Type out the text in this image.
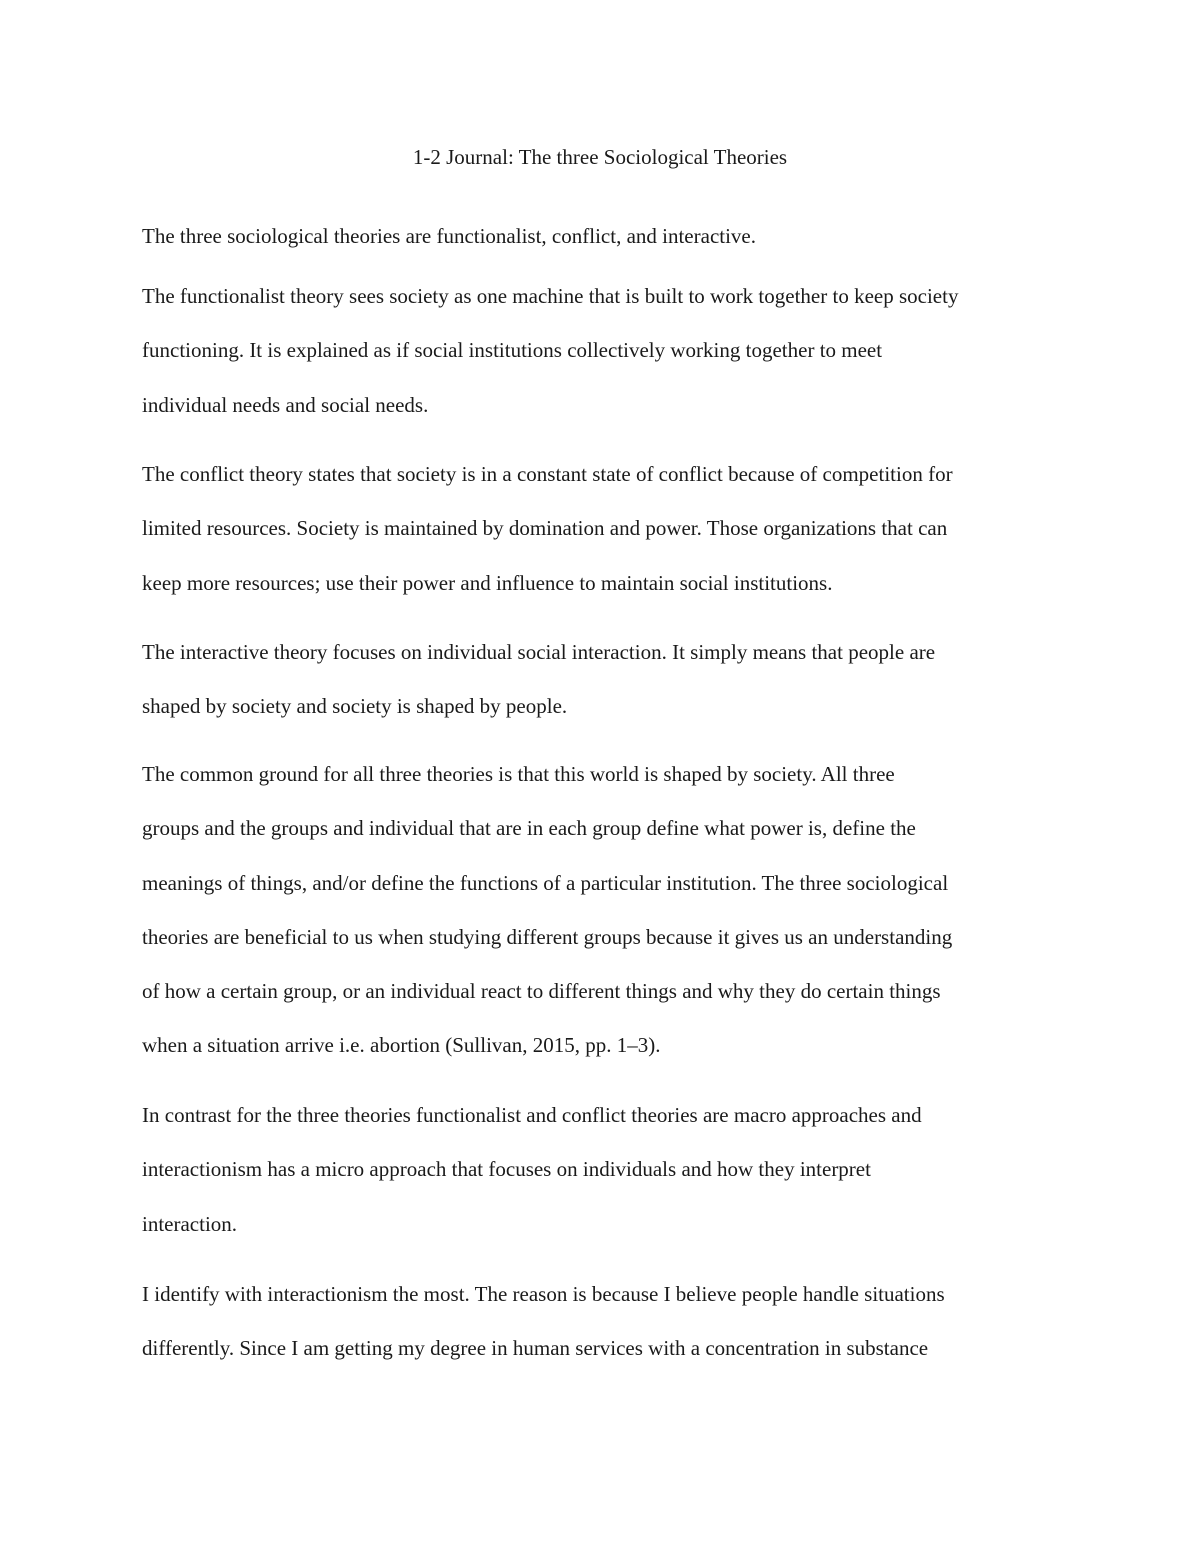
1-2 Journal: The three Sociological Theories

The three sociological theories are functionalist, conflict, and interactive.

The functionalist theory sees society as one machine that is built to work together to keep society
functioning. It is explained as if social institutions collectively working together to meet
individual needs and social needs.

The conflict theory states that society is in a constant state of conflict because of competition for
limited resources. Society is maintained by domination and power. Those organizations that can
keep more resources; use their power and influence to maintain social institutions.

The interactive theory focuses on individual social interaction. It simply means that people are
shaped by society and society is shaped by people.

The common ground for all three theories is that this world is shaped by society. All three
groups and the groups and individual that are in each group define what power is, define the
meanings of things, and/or define the functions of a particular institution. The three sociological
theories are beneficial to us when studying different groups because it gives us an understanding
of how a certain group, or an individual react to different things and why they do certain things
when a situation arrive i.e. abortion (Sullivan, 2015, pp. 1–3).

In contrast for the three theories functionalist and conflict theories are macro approaches and
interactionism has a micro approach that focuses on individuals and how they interpret
interaction.

I identify with interactionism the most. The reason is because I believe people handle situations
differently. Since I am getting my degree in human services with a concentration in substance
